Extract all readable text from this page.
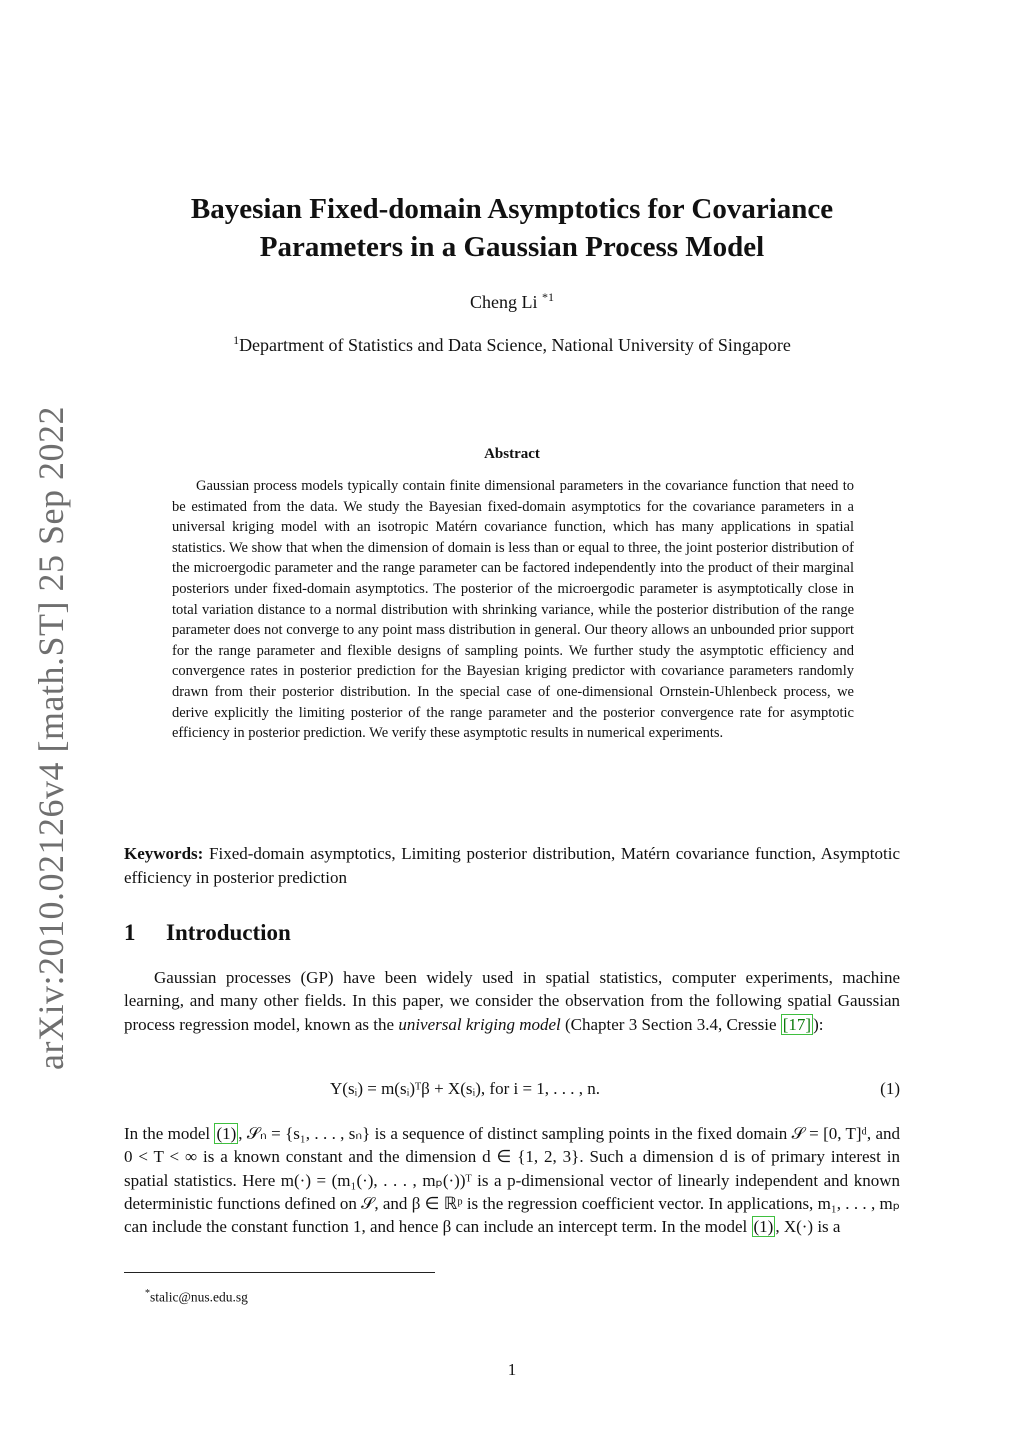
arXiv:2010.02126v4 [math.ST] 25 Sep 2022
Bayesian Fixed-domain Asymptotics for Covariance
Parameters in a Gaussian Process Model
Cheng Li $^{*1}$
$^1$Department of Statistics and Data Science, National University of Singapore
Abstract
Gaussian process models typically contain finite dimensional parameters in the covariance function that need to be estimated from the data. We study the Bayesian fixed-domain asymptotics for the covariance parameters in a universal kriging model with an isotropic Matérn covariance function, which has many applications in spatial statistics. We show that when the dimension of domain is less than or equal to three, the joint posterior distribution of the microergodic parameter and the range parameter can be factored independently into the product of their marginal posteriors under fixed-domain asymptotics. The posterior of the microergodic parameter is asymptotically close in total variation distance to a normal distribution with shrinking variance, while the posterior distribution of the range parameter does not converge to any point mass distribution in general. Our theory allows an unbounded prior support for the range parameter and flexible designs of sampling points. We further study the asymptotic efficiency and convergence rates in posterior prediction for the Bayesian kriging predictor with covariance parameters randomly drawn from their posterior distribution. In the special case of one-dimensional Ornstein-Uhlenbeck process, we derive explicitly the limiting posterior of the range parameter and the posterior convergence rate for asymptotic efficiency in posterior prediction. We verify these asymptotic results in numerical experiments.
Keywords: Fixed-domain asymptotics, Limiting posterior distribution, Matérn covariance function, Asymptotic efficiency in posterior prediction
1 Introduction
Gaussian processes (GP) have been widely used in spatial statistics, computer experiments, machine learning, and many other fields. In this paper, we consider the observation from the following spatial Gaussian process regression model, known as the universal kriging model (Chapter 3 Section 3.4, Cressie [17] ):
Y(sᵢ) = m(sᵢ)ᵀβ + X(sᵢ), for i = 1, . . . , n.	(1)
In the model (1) , 𝒮ₙ = {s₁, . . . , sₙ} is a sequence of distinct sampling points in the fixed domain 𝒮 = [0, T]ᵈ, and 0 < T < ∞ is a known constant and the dimension d ∈ {1, 2, 3}. Such a dimension d is of primary interest in spatial statistics. Here m(·) = (m₁(·), . . . , mₚ(·))ᵀ is a p-dimensional vector of linearly independent and known deterministic functions defined on 𝒮, and β ∈ ℝᵖ is the regression coefficient vector. In applications, m₁, . . . , mₚ can include the constant function 1, and hence β can include an intercept term. In the model (1) , X(·) is a
*stalic@nus.edu.sg
1
